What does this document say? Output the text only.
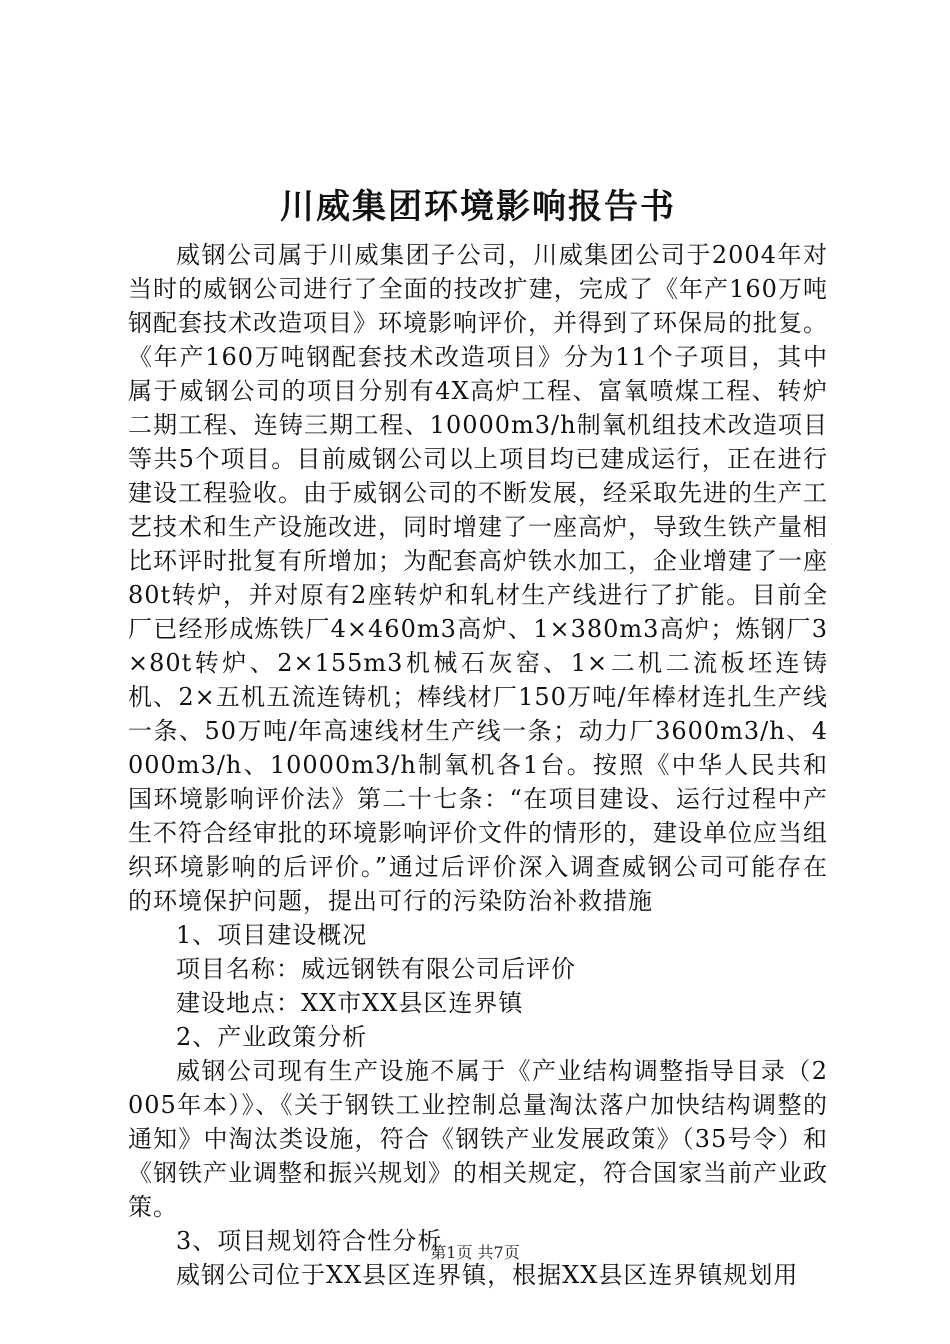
川威集团环境影响报告书

威钢公司属于川威集团子公司，川威集团公司于2004年对当时的威钢公司进行了全面的技改扩建，完成了《年产160万吨钢配套技术改造项目》环境影响评价，并得到了环保局的批复。《年产160万吨钢配套技术改造项目》分为11个子项目，其中属于威钢公司的项目分别有4X高炉工程、富氧喷煤工程、转炉二期工程、连铸三期工程、10000m3/h制氧机组技术改造项目等共5个项目。目前威钢公司以上项目均已建成运行，正在进行建设工程验收。由于威钢公司的不断发展，经采取先进的生产工艺技术和生产设施改进，同时增建了一座高炉，导致生铁产量相比环评时批复有所增加；为配套高炉铁水加工，企业增建了一座80t转炉，并对原有2座转炉和轧材生产线进行了扩能。目前全厂已经形成炼铁厂4×460m3高炉、1×380m3高炉；炼钢厂3×80t转炉、2×155m3机械石灰窑、1×二机二流板坯连铸机、2×五机五流连铸机；棒线材厂150万吨/年棒材连扎生产线一条、50万吨/年高速线材生产线一条；动力厂3600m3/h、4000m3/h、10000m3/h制氧机各1台。按照《中华人民共和国环境影响评价法》第二十七条：“在项目建设、运行过程中产生不符合经审批的环境影响评价文件的情形的，建设单位应当组织环境影响的后评价。”通过后评价深入调查威钢公司可能存在的环境保护问题，提出可行的污染防治补救措施

1、项目建设概况

项目名称：威远钢铁有限公司后评价

建设地点：XX市XX县区连界镇

2、产业政策分析

威钢公司现有生产设施不属于《产业结构调整指导目录（2005年本）》、《关于钢铁工业控制总量淘汰落户加快结构调整的通知》中淘汰类设施，符合《钢铁产业发展政策》（35号令）和《钢铁产业调整和振兴规划》的相关规定，符合国家当前产业政策。

3、项目规划符合性分析

威钢公司位于XX县区连界镇，根据XX县区连界镇规划用

第1页 共7页
